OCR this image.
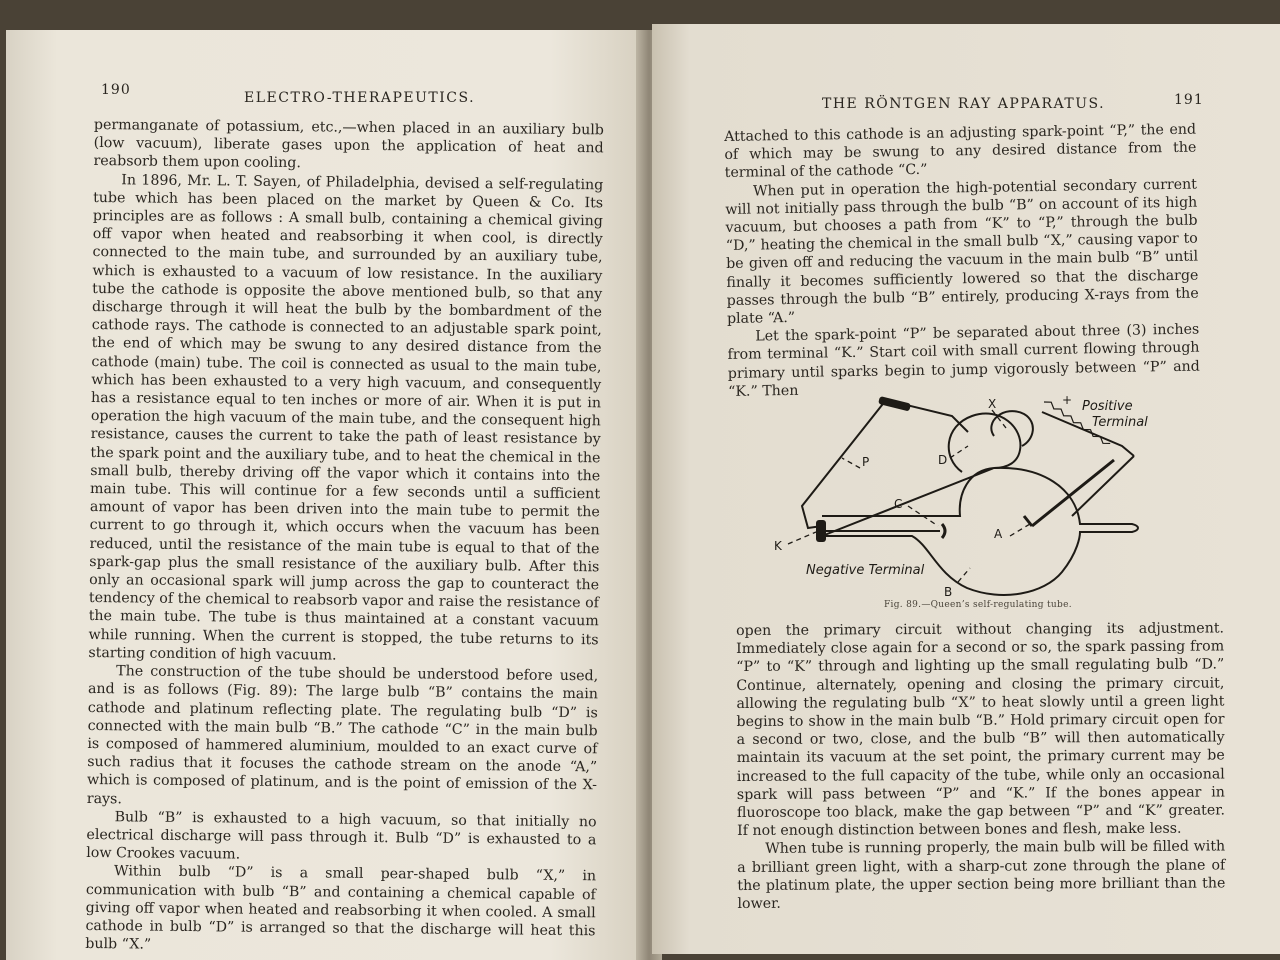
190	ELECTRO-THERAPEUTICS.

permanganate of potassium, etc.,—when placed in an auxiliary bulb (low vacuum), liberate gases upon the application of heat and reabsorb them upon cooling.

In 1896, Mr. L. T. Sayen, of Philadelphia, devised a self-regulating tube which has been placed on the market by Queen & Co. Its principles are as follows : A small bulb, containing a chemical giving off vapor when heated and reabsorbing it when cool, is directly connected to the main tube, and surrounded by an auxiliary tube, which is exhausted to a vacuum of low resistance. In the auxiliary tube the cathode is opposite the above mentioned bulb, so that any discharge through it will heat the bulb by the bombardment of the cathode rays. The cathode is connected to an adjustable spark point, the end of which may be swung to any desired distance from the cathode (main) tube. The coil is connected as usual to the main tube, which has been exhausted to a very high vacuum, and consequently has a resistance equal to ten inches or more of air. When it is put in operation the high vacuum of the main tube, and the consequent high resistance, causes the current to take the path of least resistance by the spark point and the auxiliary tube, and to heat the chemical in the small bulb, thereby driving off the vapor which it contains into the main tube. This will continue for a few seconds until a sufficient amount of vapor has been driven into the main tube to permit the current to go through it, which occurs when the vacuum has been reduced, until the resistance of the main tube is equal to that of the spark-gap plus the small resistance of the auxiliary bulb. After this only an occasional spark will jump across the gap to counteract the tendency of the chemical to reabsorb vapor and raise the resistance of the main tube. The tube is thus maintained at a constant vacuum while running. When the current is stopped, the tube returns to its starting condition of high vacuum.

The construction of the tube should be understood before used, and is as follows (Fig. 89): The large bulb “B” contains the main cathode and platinum reflecting plate. The regulating bulb “D” is connected with the main bulb “B.” The cathode “C” in the main bulb is composed of hammered aluminium, moulded to an exact curve of such radius that it focuses the cathode stream on the anode “A,” which is composed of platinum, and is the point of emission of the X-rays.

Bulb “B” is exhausted to a high vacuum, so that initially no electrical discharge will pass through it. Bulb “D” is exhausted to a low Crookes vacuum.

Within bulb “D” is a small pear-shaped bulb “X,” in communication with bulb “B” and containing a chemical capable of giving off vapor when heated and reabsorbing it when cooled. A small cathode in bulb “D” is arranged so that the discharge will heat this bulb “X.”

THE RÖNTGEN RAY APPARATUS.	191

Attached to this cathode is an adjusting spark-point “P,” the end of which may be swung to any desired distance from the terminal of the cathode “C.”

When put in operation the high-potential secondary current will not initially pass through the bulb “B” on account of its high vacuum, but chooses a path from “K” to “P,” through the bulb “D,” heating the chemical in the small bulb “X,” causing vapor to be given off and reducing the vacuum in the main bulb “B” until finally it becomes sufficiently lowered so that the discharge passes through the bulb “B” entirely, producing X-rays from the plate “A.”

Let the spark-point “P” be separated about three (3) inches from terminal “K.” Start coil with small current flowing through primary until sparks begin to jump vigorously between “P” and “K.” Then

X	+ Positive
Terminal
D
P
C
K
A
Negative Terminal
B
Fig. 89.—Queen’s self-regulating tube.

open the primary circuit without changing its adjustment. Immediately close again for a second or so, the spark passing from “P” to “K” through and lighting up the small regulating bulb “D.” Continue, alternately, opening and closing the primary circuit, allowing the regulating bulb “X” to heat slowly until a green light begins to show in the main bulb “B.” Hold primary circuit open for a second or two, close, and the bulb “B” will then automatically maintain its vacuum at the set point, the primary current may be increased to the full capacity of the tube, while only an occasional spark will pass between “P” and “K.” If the bones appear in fluoroscope too black, make the gap between “P” and “K” greater. If not enough distinction between bones and flesh, make less.

When tube is running properly, the main bulb will be filled with a brilliant green light, with a sharp-cut zone through the plane of the platinum plate, the upper section being more brilliant than the lower.
